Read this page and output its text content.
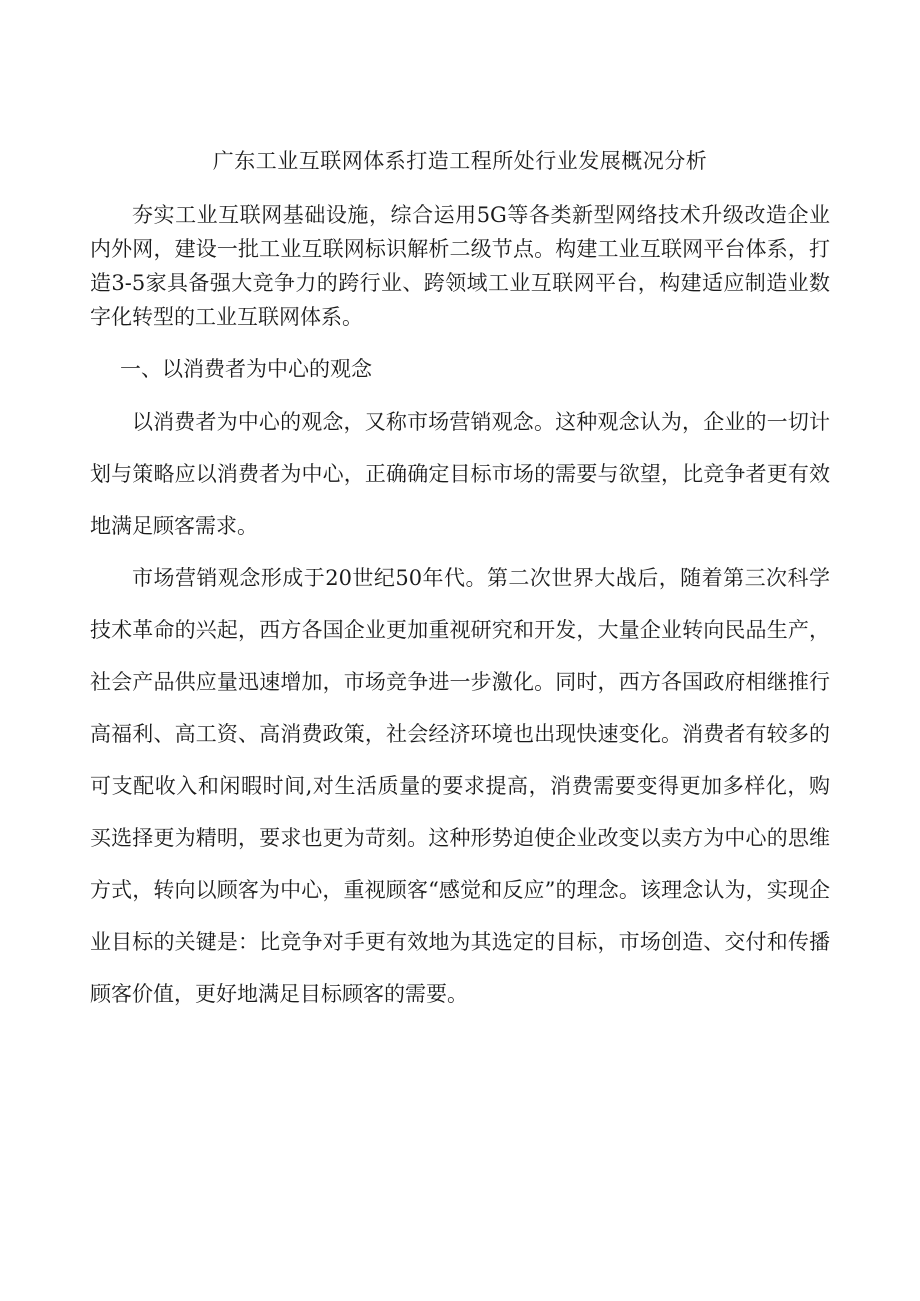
广东工业互联网体系打造工程所处行业发展概况分析

夯实工业互联网基础设施，综合运用5G等各类新型网络技术升级改造企业内外网，建设一批工业互联网标识解析二级节点。构建工业互联网平台体系，打造3-5家具备强大竞争力的跨行业、跨领域工业互联网平台，构建适应制造业数字化转型的工业互联网体系。

一、以消费者为中心的观念

以消费者为中心的观念，又称市场营销观念。这种观念认为，企业的一切计划与策略应以消费者为中心，正确确定目标市场的需要与欲望，比竞争者更有效地满足顾客需求。

市场营销观念形成于20世纪50年代。第二次世界大战后，随着第三次科学技术革命的兴起，西方各国企业更加重视研究和开发，大量企业转向民品生产，社会产品供应量迅速增加，市场竞争进一步激化。同时，西方各国政府相继推行高福利、高工资、高消费政策，社会经济环境也出现快速变化。消费者有较多的可支配收入和闲暇时间,对生活质量的要求提高，消费需要变得更加多样化，购买选择更为精明，要求也更为苛刻。这种形势迫使企业改变以卖方为中心的思维方式，转向以顾客为中心，重视顾客“感觉和反应”的理念。该理念认为，实现企业目标的关键是：比竞争对手更有效地为其选定的目标，市场创造、交付和传播顾客价值，更好地满足目标顾客的需要。
